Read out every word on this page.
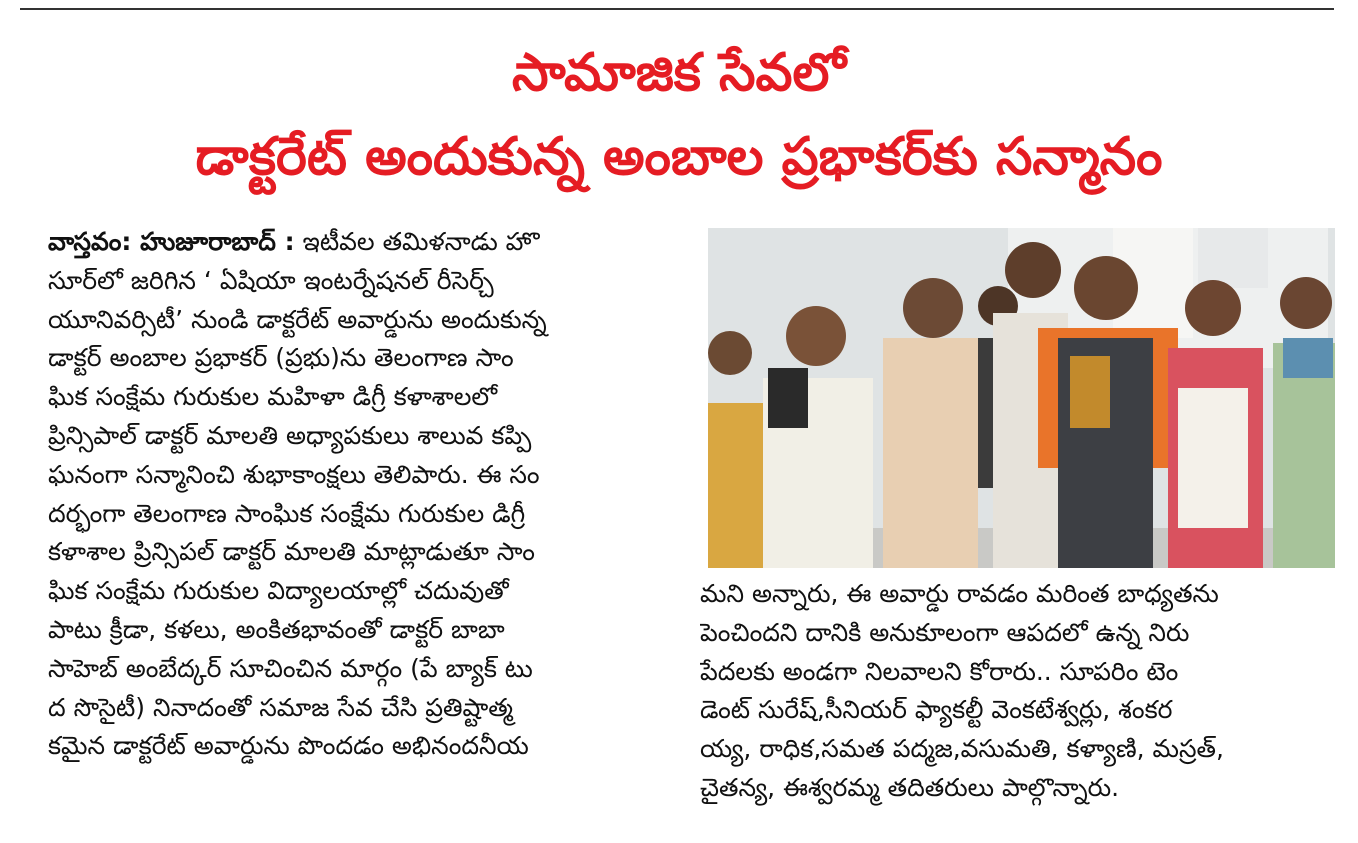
సామాజిక సేవలో
డాక్టరేట్ అందుకున్న అంబాల ప్రభాకర్‌కు సన్మానం
వాస్తవం: హుజూరాబాద్ : ఇటీవల తమిళనాడు హొ
సూర్‌లో జరిగిన ‘ ఏషియా ఇంటర్నేషనల్ రీసెర్చ్
యూనివర్సిటీ’ నుండి డాక్టరేట్ అవార్డును అందుకున్న
డాక్టర్ అంబాల ప్రభాకర్ (ప్రభు)ను తెలంగాణ సాం
ఘిక సంక్షేమ గురుకుల మహిళా డిగ్రీ కళాశాలలో
ప్రిన్సిపాల్ డాక్టర్ మాలతి అధ్యాపకులు శాలువ కప్పి
ఘనంగా సన్మానించి శుభాకాంక్షలు తెలిపారు. ఈ సం
దర్భంగా తెలంగాణ సాంఘిక సంక్షేమ గురుకుల డిగ్రీ
కళాశాల ప్రిన్సిపల్ డాక్టర్ మాలతి మాట్లాడుతూ సాం
ఘిక సంక్షేమ గురుకుల విద్యాలయాల్లో చదువుతో
పాటు క్రీడా, కళలు, అంకితభావంతో డాక్టర్ బాబా
సాహెబ్ అంబేద్కర్ సూచించిన మార్గం (పే బ్యాక్ టు
ద సొసైటీ) నినాదంతో సమాజ సేవ చేసి ప్రతిష్టాత్మ
కమైన డాక్టరేట్ అవార్డును పొందడం అభినందనీయ
మని అన్నారు, ఈ అవార్డు రావడం మరింత బాధ్యతను
పెంచిందని దానికి అనుకూలంగా ఆపదలో ఉన్న నిరు
పేదలకు అండగా నిలవాలని కోరారు.. సూపరిం టెం
డెంట్ సురేష్,సీనియర్ ఫ్యాకల్టీ వెంకటేశ్వర్లు, శంకర
య్య, రాధిక,సమత పద్మజ,వసుమతి, కళ్యాణి, మస్రత్,
చైతన్య, ఈశ్వరమ్మ తదితరులు పాల్గొన్నారు.
